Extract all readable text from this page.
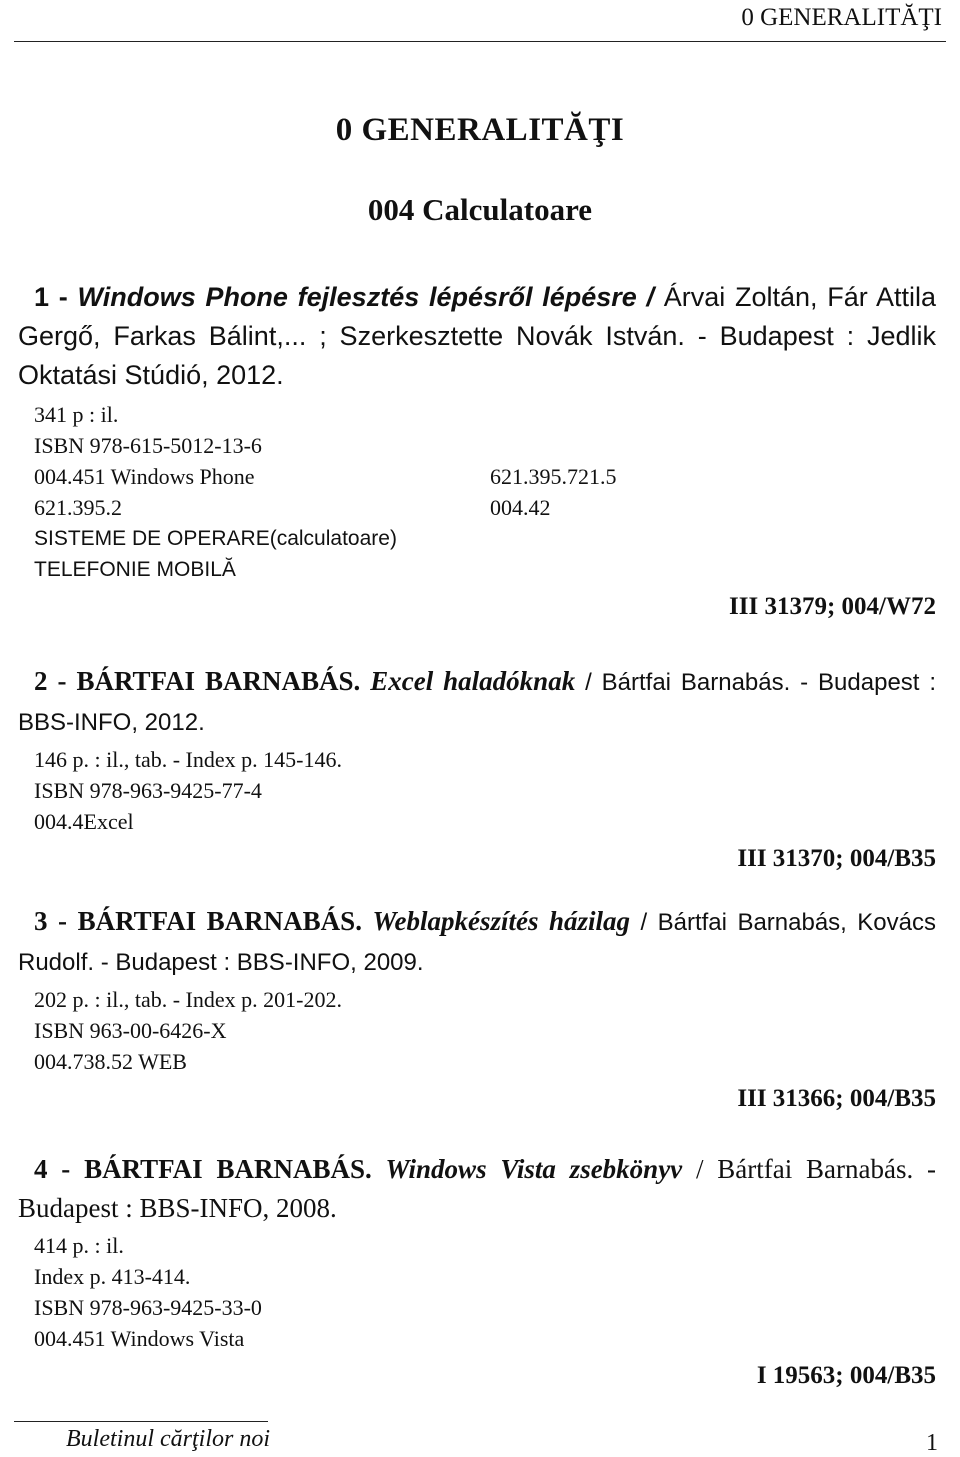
0 GENERALITĂŢI
0 GENERALITĂŢI
004 Calculatoare
1 - Windows Phone fejlesztés lépésről lépésre / Árvai Zoltán, Fár Attila Gergő, Farkas Bálint,... ; Szerkesztette Novák István. - Budapest : Jedlik Oktatási Stúdió, 2012.
341 p : il.
ISBN 978-615-5012-13-6
004.451 Windows Phone	621.395.721.5
621.395.2	004.42
SISTEME DE OPERARE(calculatoare)
TELEFONIE MOBILĂ
III 31379; 004/W72
2 - BÁRTFAI BARNABÁS. Excel haladóknak / Bártfai Barnabás. - Budapest : BBS-INFO, 2012.
146 p. : il., tab. - Index p. 145-146.
ISBN 978-963-9425-77-4
004.4Excel
III 31370; 004/B35
3 - BÁRTFAI BARNABÁS. Weblapkészítés házilag / Bártfai Barnabás, Kovács Rudolf. - Budapest : BBS-INFO, 2009.
202 p. : il., tab. - Index p. 201-202.
ISBN 963-00-6426-X
004.738.52 WEB
III 31366; 004/B35
4 - BÁRTFAI BARNABÁS. Windows Vista zsebkönyv / Bártfai Barnabás. - Budapest : BBS-INFO, 2008.
414 p. : il.
Index p. 413-414.
ISBN 978-963-9425-33-0
004.451 Windows Vista
I 19563; 004/B35
Buletinul cărţilor noi	1
